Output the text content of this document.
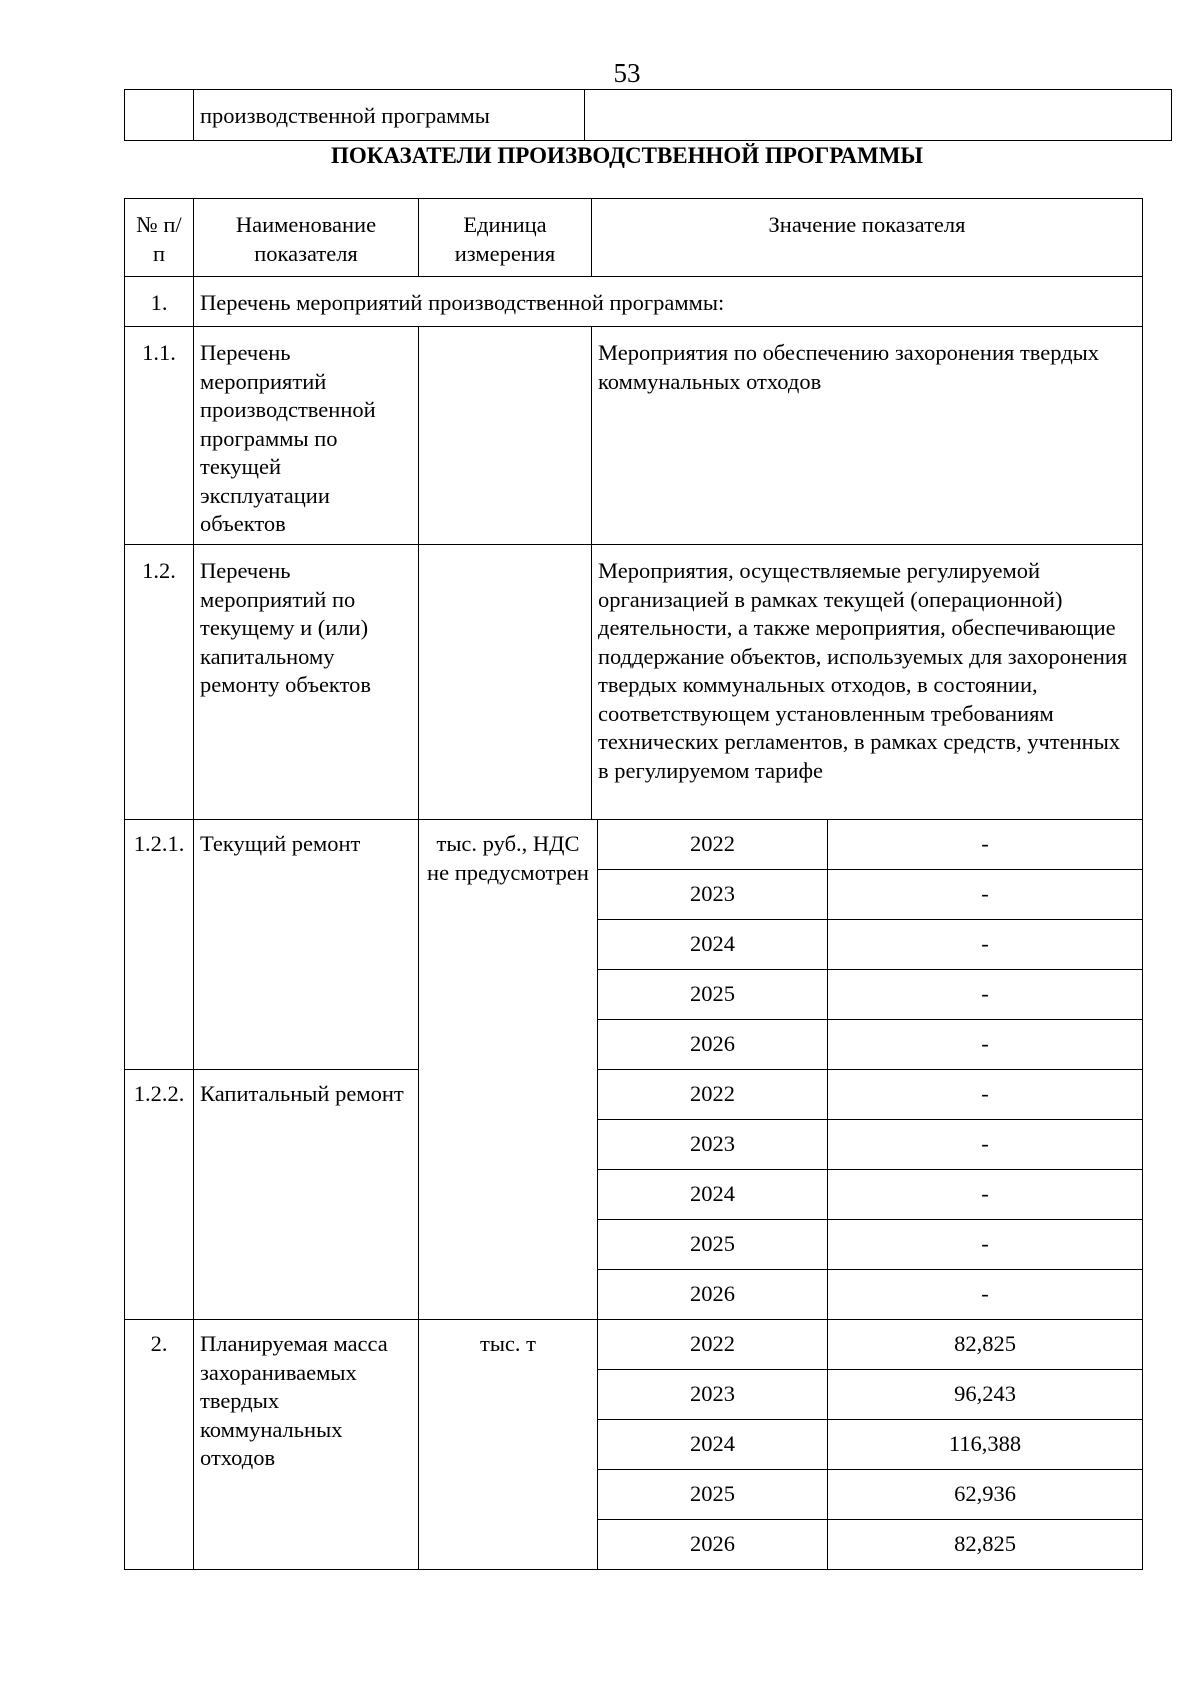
53
	производственной программы	
ПОКАЗАТЕЛИ ПРОИЗВОДСТВЕННОЙ ПРОГРАММЫ
№ п/п	Наименование показателя	Единица измерения	Значение показателя		
1.	Перечень мероприятий производственной программы:				
1.1.	Перечень мероприятий производственной программы по текущей эксплуатации объектов		Мероприятия по обеспечению захоронения твердых коммунальных отходов		
1.2.	Перечень мероприятий по текущему и (или) капитальному ремонту объектов		Мероприятия, осуществляемые регулируемой организацией в рамках текущей (операционной) деятельности, а также мероприятия, обеспечивающие поддержание объектов, используемых для захоронения твердых коммунальных отходов, в состоянии, соответствующем установленным требованиям технических регламентов, в рамках средств, учтенных в регулируемом тарифе		
1.2.1.	Текущий ремонт	тыс. руб., НДС не предусмотрен		2022	-
				2023	-
				2024	-
				2025	-
				2026	-
1.2.2.	Капитальный ремонт			2022	-
				2023	-
				2024	-
				2025	-
				2026	-
2.	Планируемая масса захораниваемых твердых коммунальных отходов	тыс. т		2022	82,825
				2023	96,243
				2024	116,388
				2025	62,936
				2026	82,825
